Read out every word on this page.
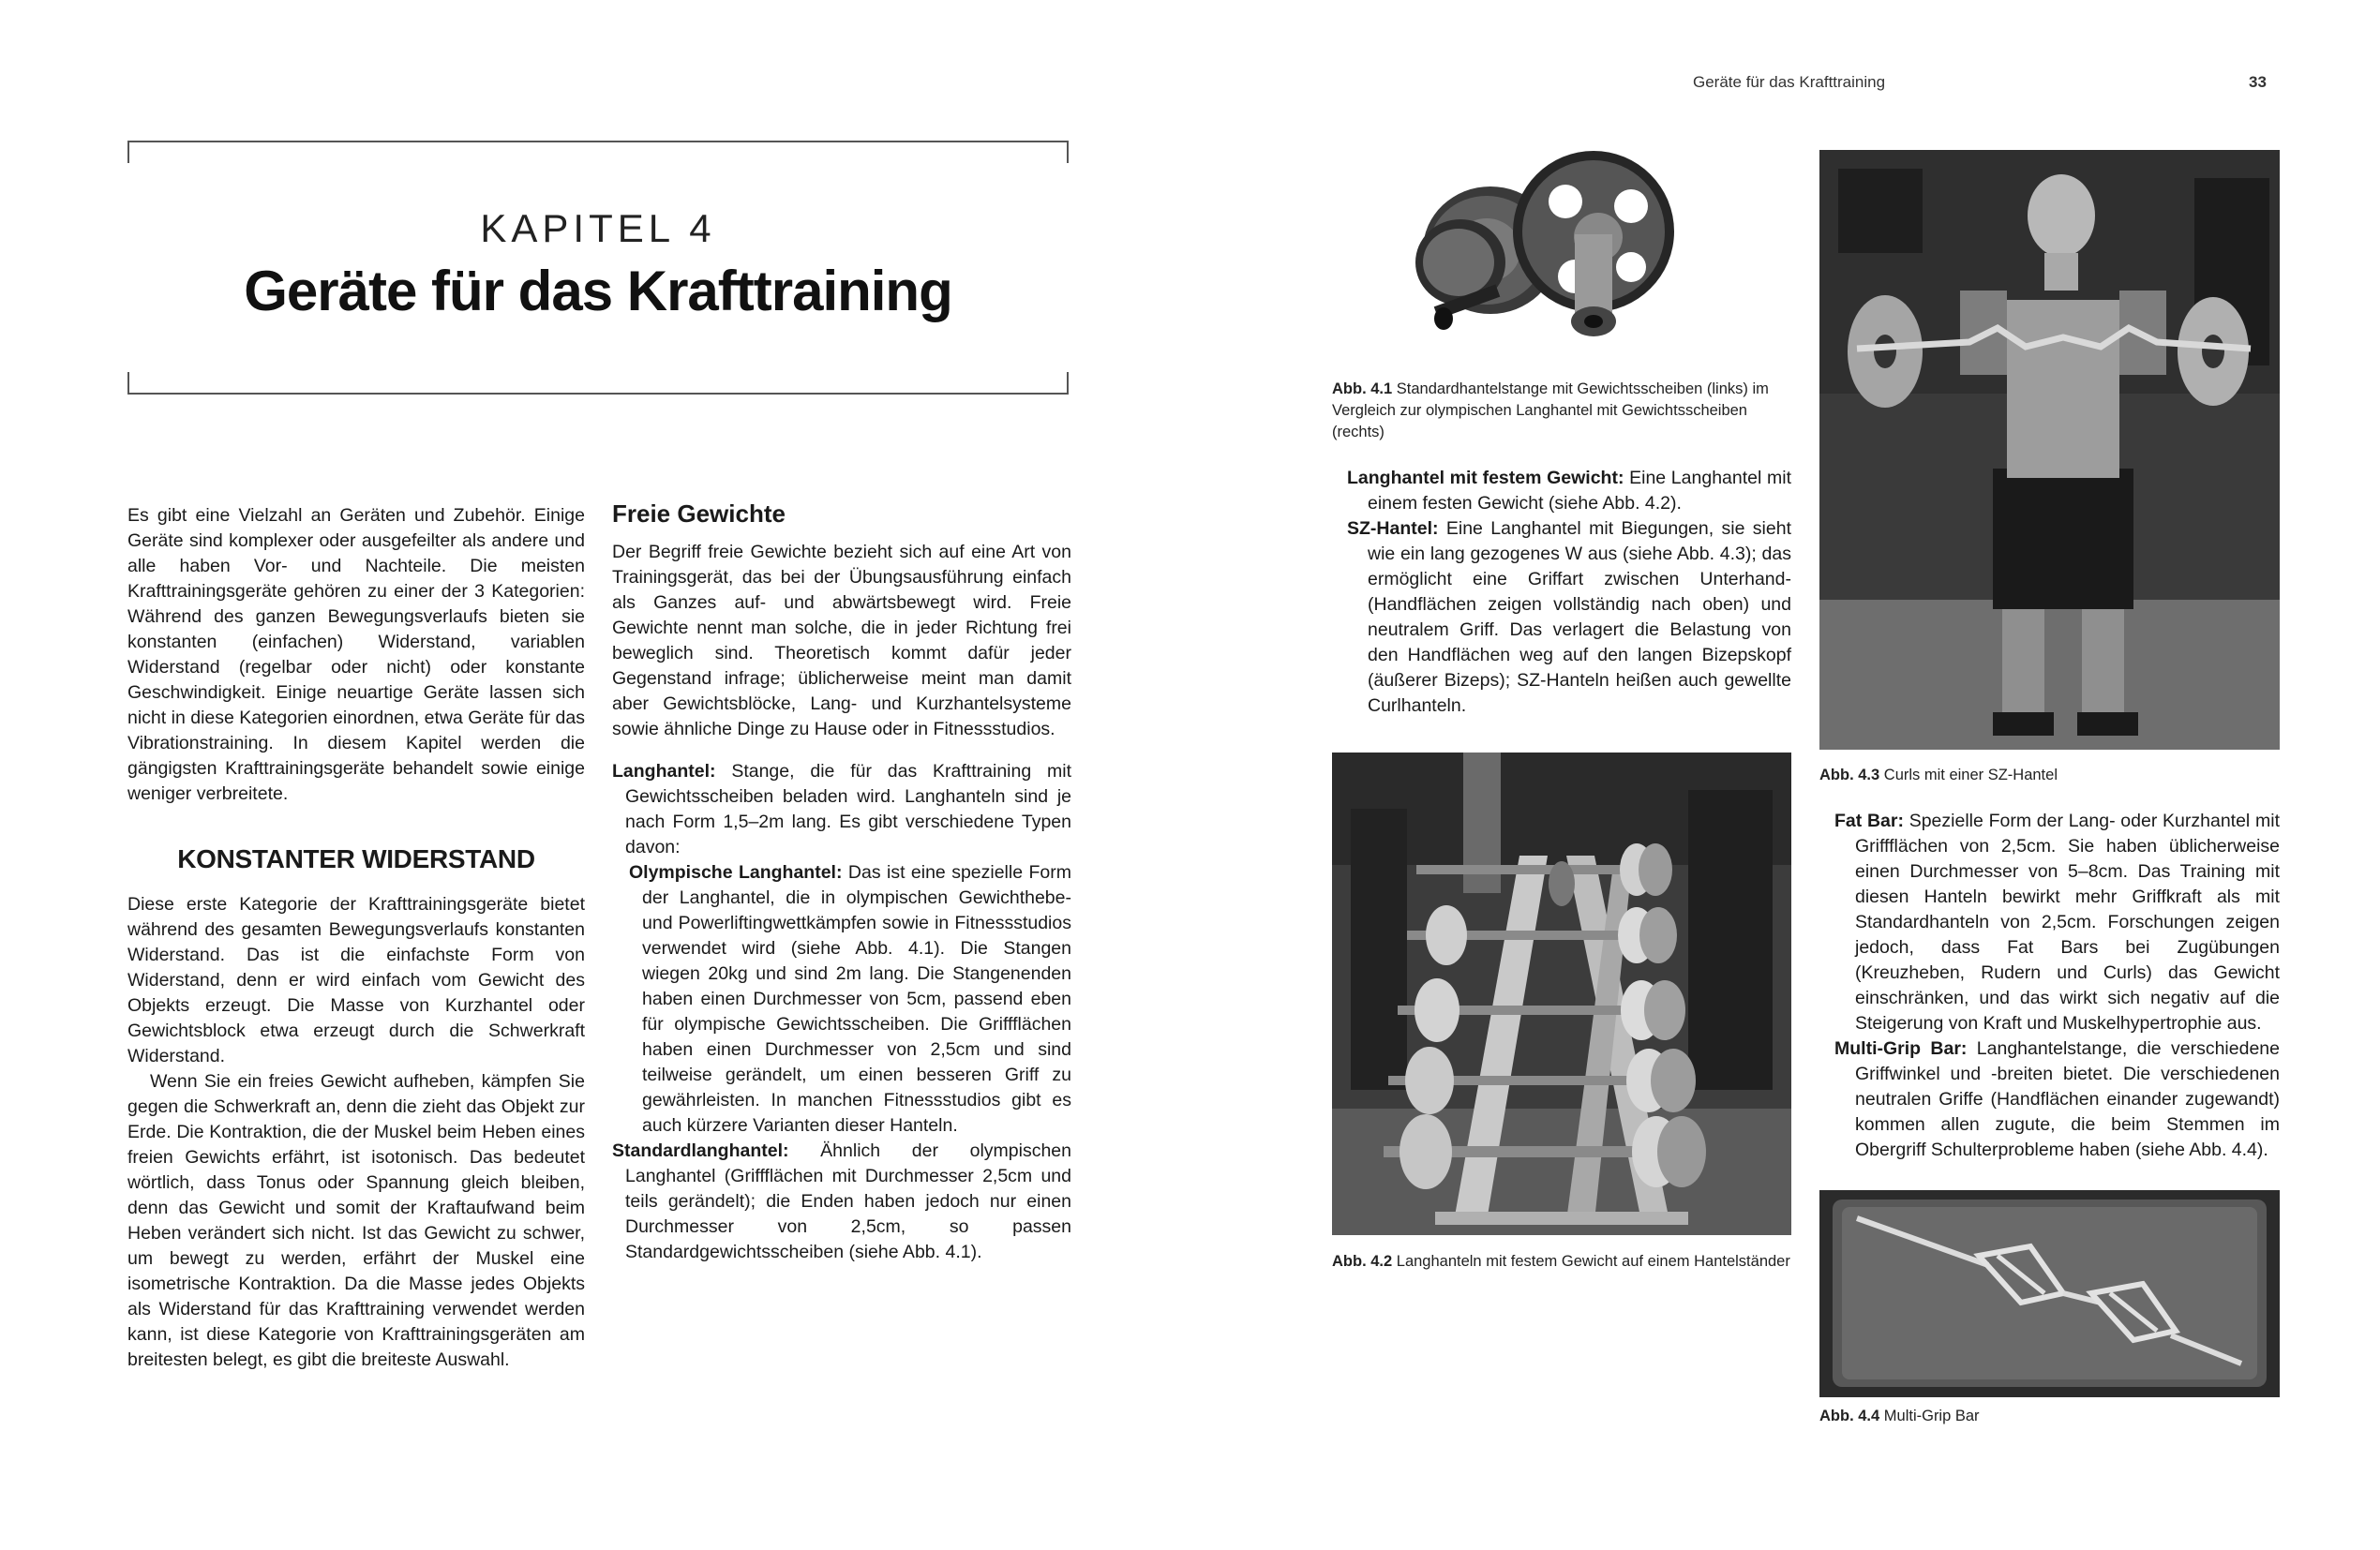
Geräte für das Krafttraining	33
KAPITEL 4
Geräte für das Krafttraining

Es gibt eine Vielzahl an Geräten und Zubehör. Einige Geräte sind komplexer oder ausgefeilter als andere und alle haben Vor- und Nachteile. Die meisten Krafttrainingsgeräte gehören zu einer der 3 Kategorien: Während des ganzen Bewegungsverlaufs bieten sie konstanten (einfachen) Widerstand, variablen Widerstand (regelbar oder nicht) oder konstante Geschwindigkeit. Einige neuartige Geräte lassen sich nicht in diese Kategorien einordnen, etwa Geräte für das Vibrationstraining. In diesem Kapitel werden die gängigsten Krafttrainingsgeräte behandelt sowie einige weniger verbreitete.

KONSTANTER WIDERSTAND

Diese erste Kategorie der Krafttrainingsgeräte bietet während des gesamten Bewegungsverlaufs konstanten Widerstand. Das ist die einfachste Form von Widerstand, denn er wird einfach vom Gewicht des Objekts erzeugt. Die Masse von Kurzhantel oder Gewichtsblock etwa erzeugt durch die Schwerkraft Widerstand.

Wenn Sie ein freies Gewicht aufheben, kämpfen Sie gegen die Schwerkraft an, denn die zieht das Objekt zur Erde. Die Kontraktion, die der Muskel beim Heben eines freien Gewichts erfährt, ist isotonisch. Das bedeutet wörtlich, dass Tonus oder Spannung gleich bleiben, denn das Gewicht und somit der Kraftaufwand beim Heben verändert sich nicht. Ist das Gewicht zu schwer, um bewegt zu werden, erfährt der Muskel eine isometrische Kontraktion. Da die Masse jedes Objekts als Widerstand für das Krafttraining verwendet werden kann, ist diese Kategorie von Krafttrainingsgeräten am breitesten belegt, es gibt die breiteste Auswahl.

Freie Gewichte

Der Begriff freie Gewichte bezieht sich auf eine Art von Trainingsgerät, das bei der Übungsausführung einfach als Ganzes auf- und abwärtsbewegt wird. Freie Gewichte nennt man solche, die in jeder Richtung frei beweglich sind. Theoretisch kommt dafür jeder Gegenstand infrage; üblicherweise meint man damit aber Gewichtsblöcke, Lang- und Kurzhantelsysteme sowie ähnliche Dinge zu Hause oder in Fitnessstudios.

Langhantel: Stange, die für das Krafttraining mit Gewichtsscheiben beladen wird. Langhanteln sind je nach Form 1,5–2m lang. Es gibt verschiedene Typen davon:

Olympische Langhantel: Das ist eine spezielle Form der Langhantel, die in olympischen Gewichthebe- und Powerliftingwettkämpfen sowie in Fitnessstudios verwendet wird (siehe Abb. 4.1). Die Stangen wiegen 20kg und sind 2m lang. Die Stangenenden haben einen Durchmesser von 5cm, passend eben für olympische Gewichtsscheiben. Die Griffflächen haben einen Durchmesser von 2,5cm und sind teilweise gerändelt, um einen besseren Griff zu gewährleisten. In manchen Fitnessstudios gibt es auch kürzere Varianten dieser Hanteln.

Standardlanghantel: Ähnlich der olympischen Langhantel (Griffflächen mit Durchmesser 2,5cm und teils gerändelt); die Enden haben jedoch nur einen Durchmesser von 2,5cm, so passen Standardgewichtsscheiben (siehe Abb. 4.1).

Abb. 4.1 Standardhantelstange mit Gewichtsscheiben (links) im Vergleich zur olympischen Langhantel mit Gewichtsscheiben (rechts)

Langhantel mit festem Gewicht: Eine Langhantel mit einem festen Gewicht (siehe Abb. 4.2).

SZ-Hantel: Eine Langhantel mit Biegungen, sie sieht wie ein lang gezogenes W aus (siehe Abb. 4.3); das ermöglicht eine Griffart zwischen Unterhand- (Handflächen zeigen vollständig nach oben) und neutralem Griff. Das verlagert die Belastung von den Handflächen weg auf den langen Bizepskopf (äußerer Bizeps); SZ-Hanteln heißen auch gewellte Curlhanteln.

Abb. 4.2 Langhanteln mit festem Gewicht auf einem Hantelständer
Abb. 4.3 Curls mit einer SZ-Hantel

Fat Bar: Spezielle Form der Lang- oder Kurzhantel mit Griffflächen von 2,5cm. Sie haben üblicherweise einen Durchmesser von 5–8cm. Das Training mit diesen Hanteln bewirkt mehr Griffkraft als mit Standardhanteln von 2,5cm. Forschungen zeigen jedoch, dass Fat Bars bei Zugübungen (Kreuzheben, Rudern und Curls) das Gewicht einschränken, und das wirkt sich negativ auf die Steigerung von Kraft und Muskelhypertrophie aus.

Multi-Grip Bar: Langhantelstange, die verschiedene Griffwinkel und -breiten bietet. Die verschiedenen neutralen Griffe (Handflächen einander zugewandt) kommen allen zugute, die beim Stemmen im Obergriff Schulterprobleme haben (siehe Abb. 4.4).

Abb. 4.4 Multi-Grip Bar
